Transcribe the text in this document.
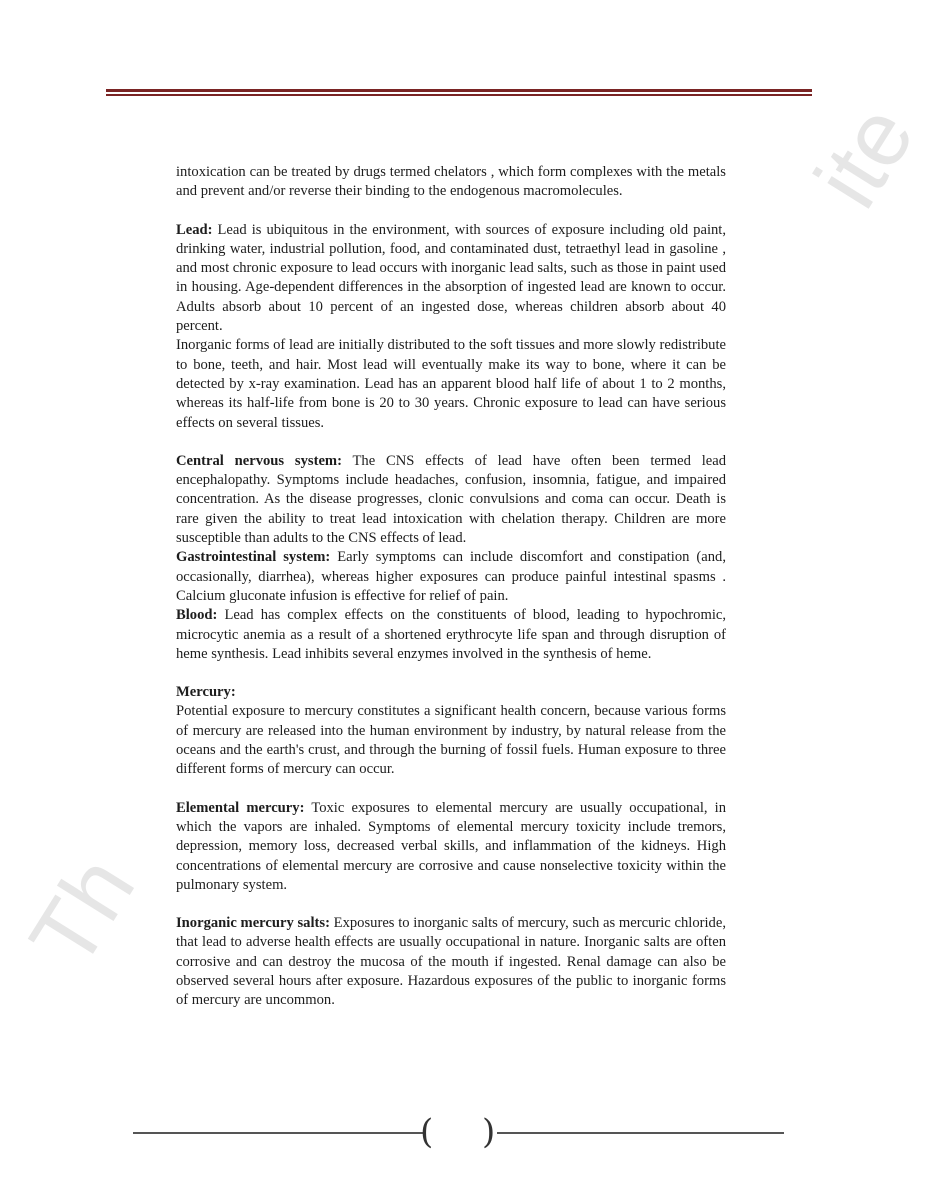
Th
ite

intoxication can be treated by drugs termed chelators , which form complexes with the metals and prevent and/or reverse their binding to the endogenous macromolecules.

Lead: Lead is ubiquitous in the environment, with sources of exposure including old paint, drinking water, industrial pollution, food, and contaminated dust, tetraethyl lead in gasoline , and most chronic exposure to lead occurs with inorganic lead salts, such as those in paint used in housing. Age-dependent differences in the absorption of ingested lead are known to occur. Adults absorb about 10 percent of an ingested dose, whereas children absorb about 40 percent.

Inorganic forms of lead are initially distributed to the soft tissues and more slowly redistribute to bone, teeth, and hair. Most lead will eventually make its way to bone, where it can be detected by x-ray examination. Lead has an apparent blood half life of about 1 to 2 months, whereas its half-life from bone is 20 to 30 years. Chronic exposure to lead can have serious effects on several tissues.

Central nervous system: The CNS effects of lead have often been termed lead encephalopathy. Symptoms include headaches, confusion, insomnia, fatigue, and impaired concentration. As the disease progresses, clonic convulsions and coma can occur. Death is rare given the ability to treat lead intoxication with chelation therapy. Children are more susceptible than adults to the CNS effects of lead.

Gastrointestinal system: Early symptoms can include discomfort and constipation (and, occasionally, diarrhea), whereas higher exposures can produce painful intestinal spasms . Calcium gluconate infusion is effective for relief of pain.

Blood: Lead has complex effects on the constituents of blood, leading to hypochromic, microcytic anemia as a result of a shortened erythrocyte life span and through disruption of heme synthesis. Lead inhibits several enzymes involved in the synthesis of heme.

Mercury:

Potential exposure to mercury constitutes a significant health concern, because various forms of mercury are released into the human environment by industry, by natural release from the oceans and the earth's crust, and through the burning of fossil fuels. Human exposure to three different forms of mercury can occur.

Elemental mercury: Toxic exposures to elemental mercury are usually occupational, in which the vapors are inhaled. Symptoms of elemental mercury toxicity include tremors, depression, memory loss, decreased verbal skills, and inflammation of the kidneys. High concentrations of elemental mercury are corrosive and cause nonselective toxicity within the pulmonary system.

Inorganic mercury salts: Exposures to inorganic salts of mercury, such as mercuric chloride, that lead to adverse health effects are usually occupational in nature. Inorganic salts are often corrosive and can destroy the mucosa of the mouth if ingested. Renal damage can also be observed several hours after exposure. Hazardous exposures of the public to inorganic forms of mercury are uncommon.

( )
